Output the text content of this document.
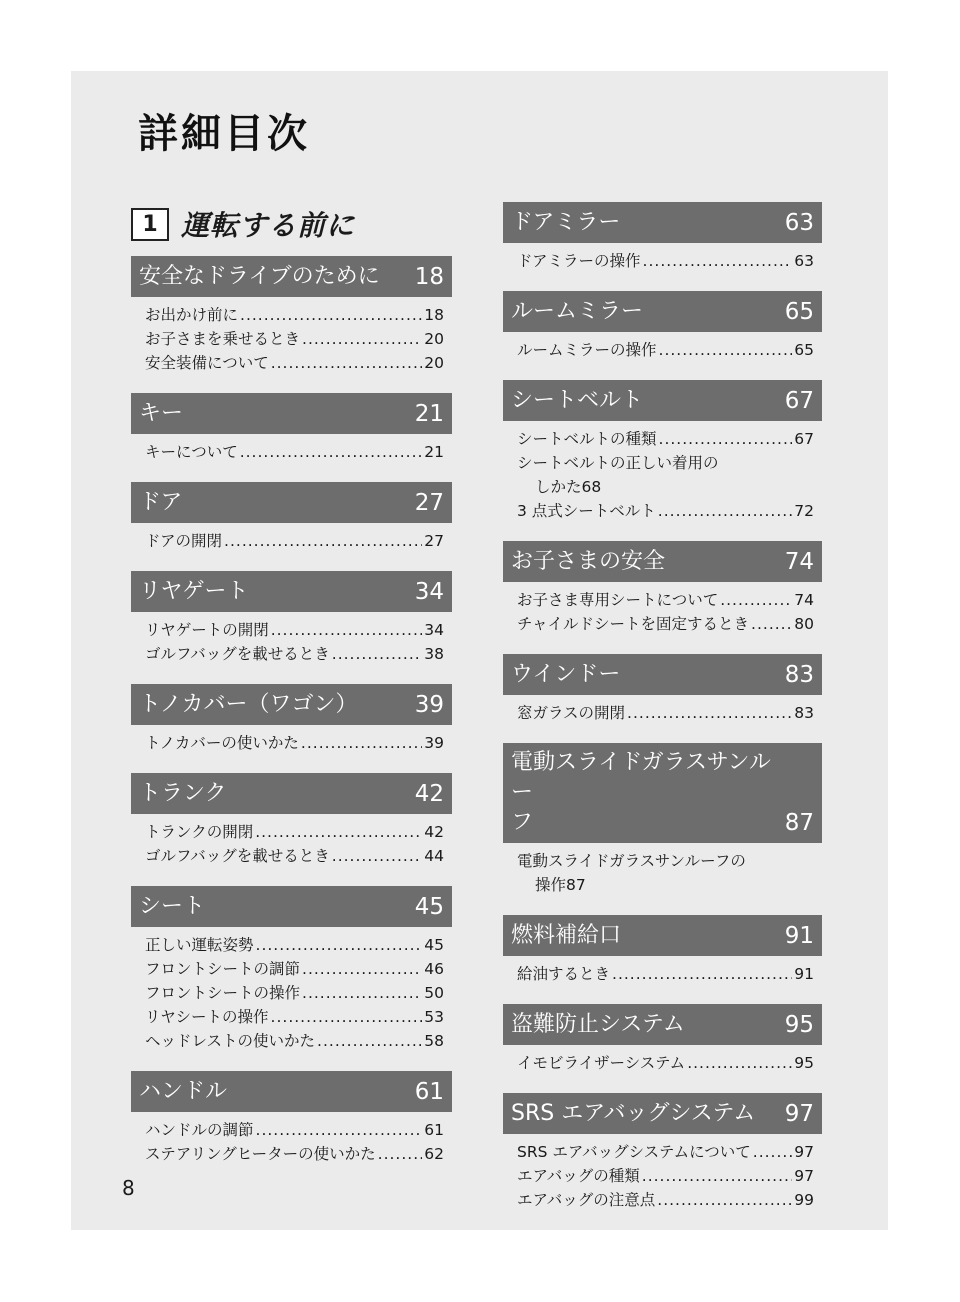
詳細目次
1 運転する前に
安全なドライブのために	18
お出かけ前に .....	18
お子さまを乗せるとき .....	20
安全装備について .....	20
キー	21
キーについて .....	21
ドア	27
ドアの開閉 .....	27
リヤゲート	34
リヤゲートの開閉 .....	34
ゴルフバッグを載せるとき .....	38
トノカバー（ワゴン）	39
トノカバーの使いかた .....	39
トランク	42
トランクの開閉 .....	42
ゴルフバッグを載せるとき .....	44
シート	45
正しい運転姿勢 .....	45
フロントシートの調節 .....	46
フロントシートの操作 .....	50
リヤシートの操作 .....	53
ヘッドレストの使いかた .....	58
ハンドル	61
ハンドルの調節 .....	61
ステアリングヒーターの使いかた .....	62
ドアミラー	63
ドアミラーの操作 .....	63
ルームミラー	65
ルームミラーの操作 .....	65
シートベルト	67
シートベルトの種類 .....	67
シートベルトの正しい着用の
しかた 68
3 点式シートベルト .....	72
お子さまの安全	74
お子さま専用シートについて .....	74
チャイルドシートを固定するとき .....	80
ウインドー	83
窓ガラスの開閉 .....	83
電動スライドガラスサンルー
フ	87
電動スライドガラスサンルーフの
操作 87
燃料補給口	91
給油するとき .....	91
盗難防止システム	95
イモビライザーシステム .....	95
SRS エアバッグシステム	97
SRS エアバッグシステムについて .....	97
エアバッグの種類 .....	97
エアバッグの注意点 .....	99
8
